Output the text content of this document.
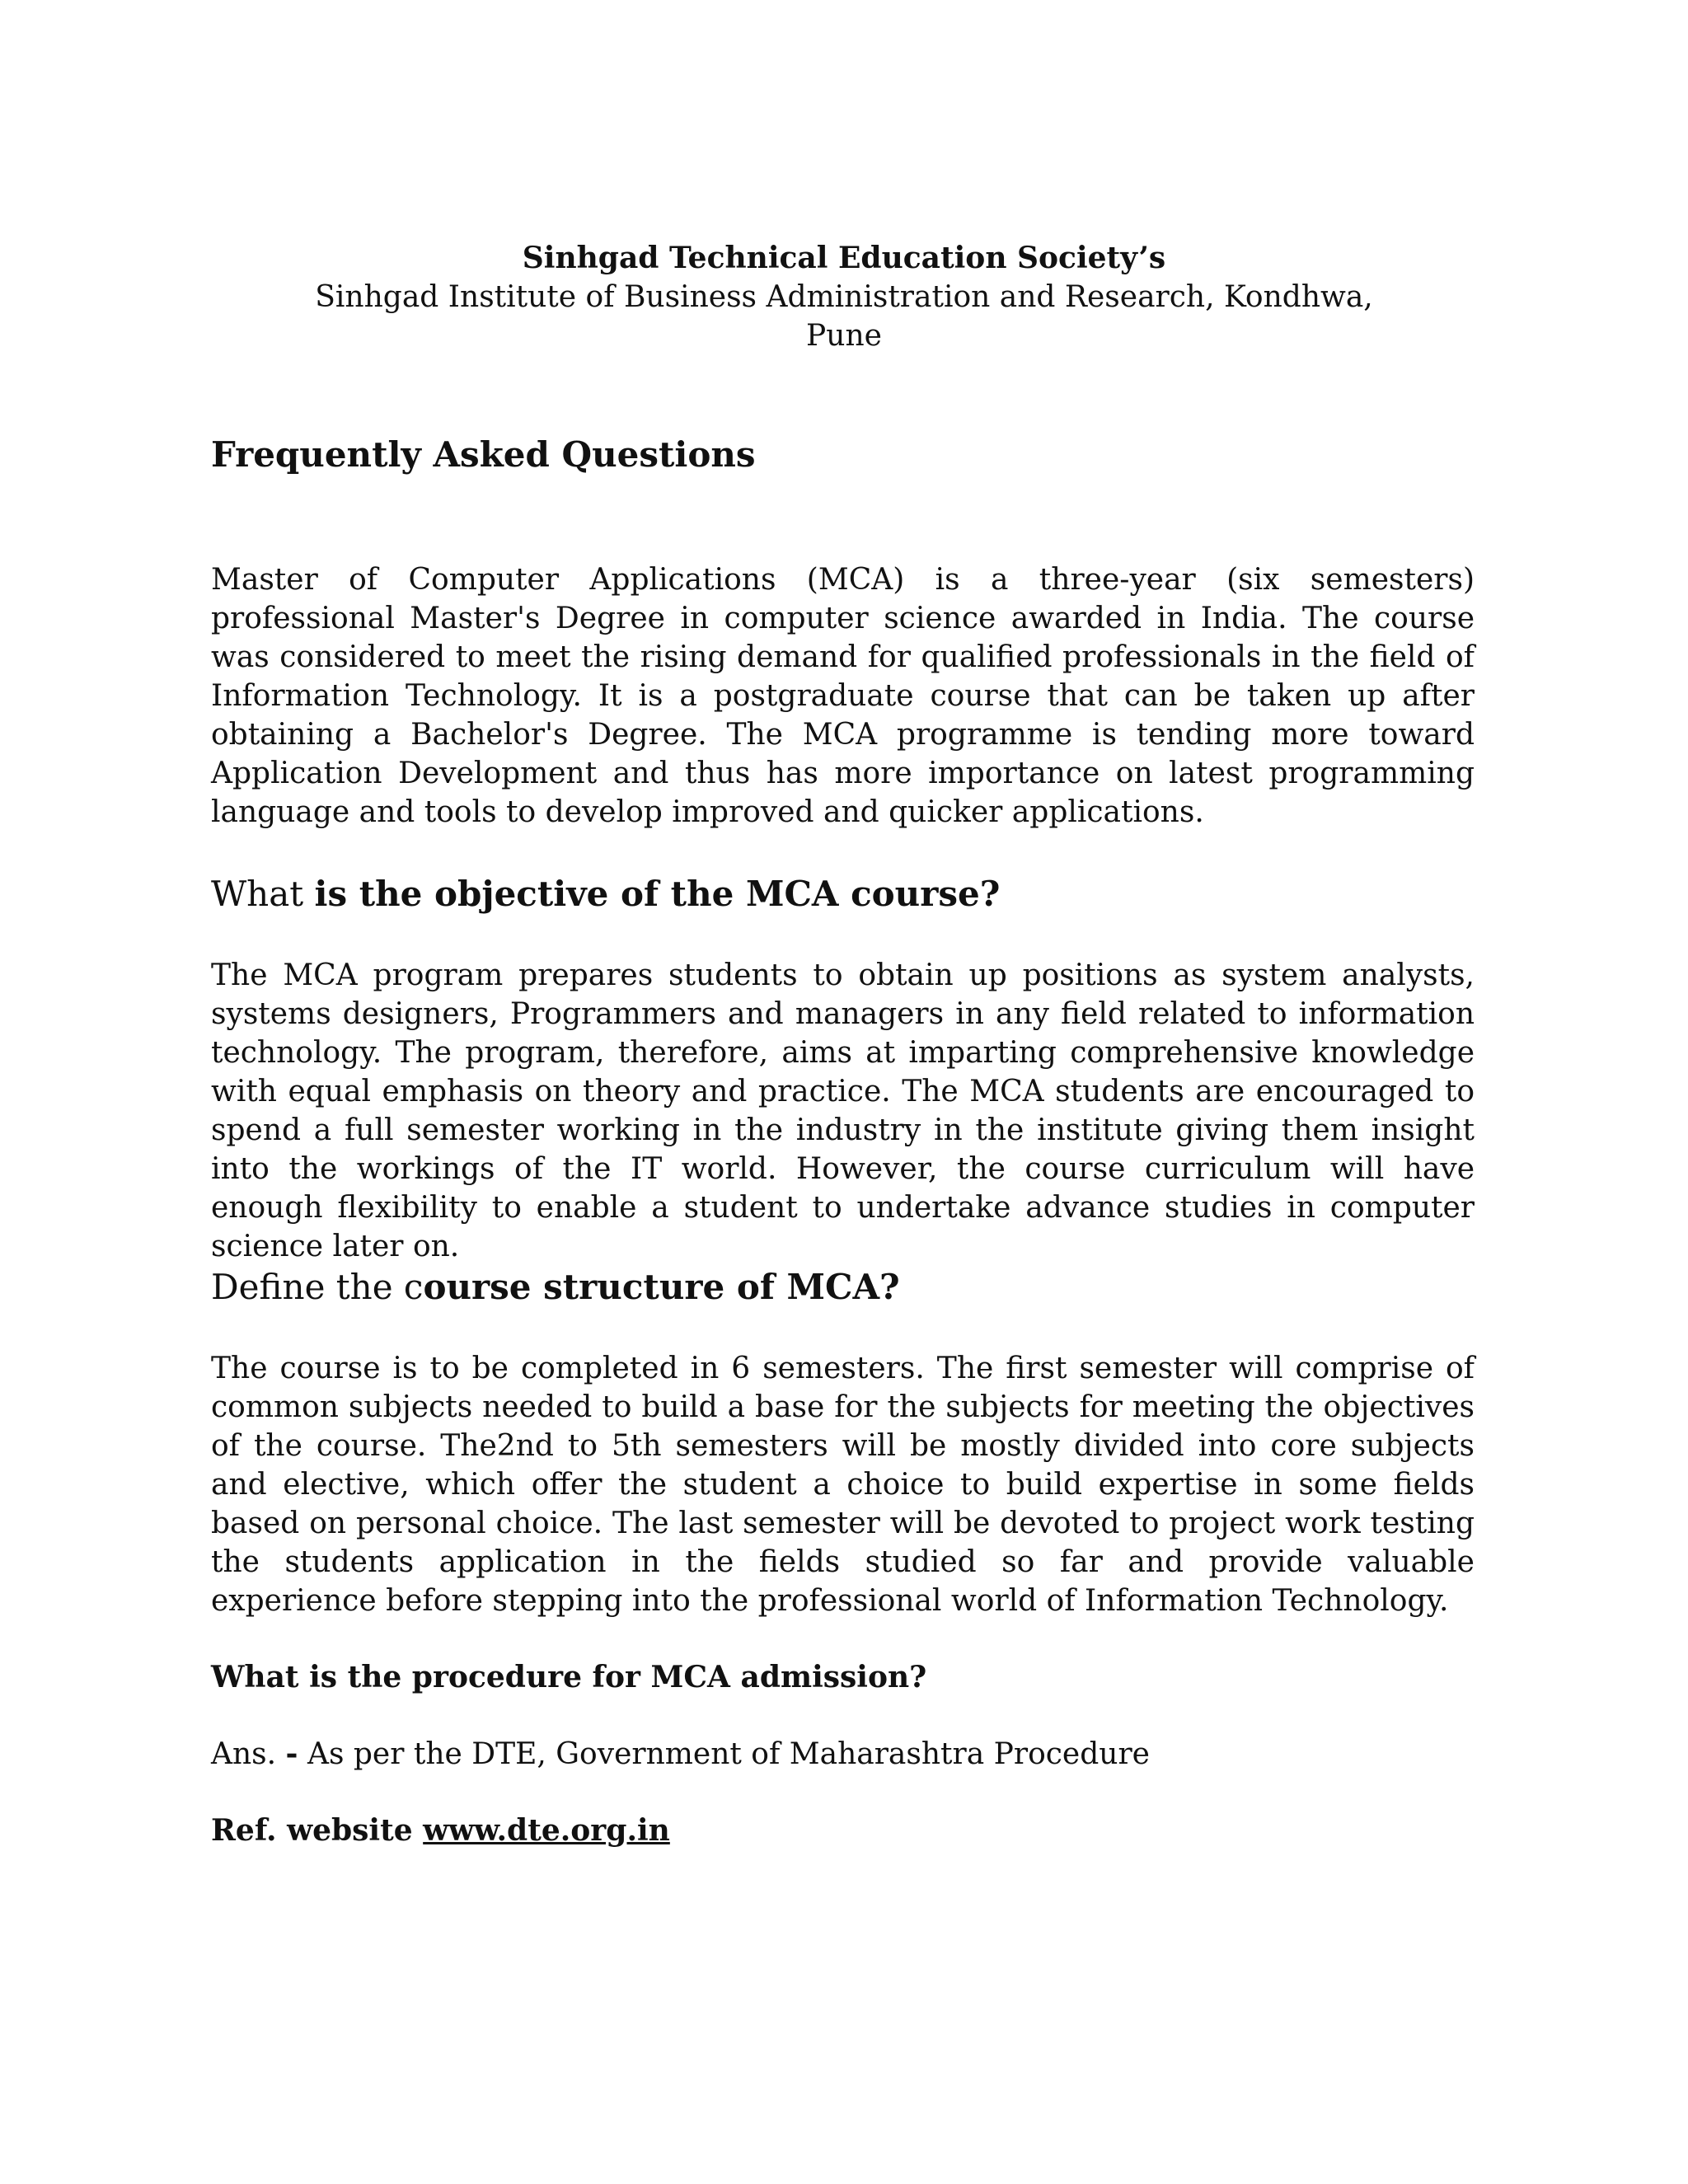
Sinhgad Technical Education Society’s
Sinhgad Institute of Business Administration and Research, Kondhwa,
Pune
Frequently Asked Questions

Master of Computer Applications (MCA) is a three-year (six semesters) professional Master's Degree in computer science awarded in India. The course was considered to meet the rising demand for qualified professionals in the field of Information Technology. It is a postgraduate course that can be taken up after obtaining a Bachelor's Degree. The MCA programme is tending more toward Application Development and thus has more importance on latest programming language and tools to develop improved and quicker applications.

What is the objective of the MCA course?

The MCA program prepares students to obtain up positions as system analysts, systems designers, Programmers and managers in any field related to information technology. The program, therefore, aims at imparting comprehensive knowledge with equal emphasis on theory and practice. The MCA students are encouraged to spend a full semester working in the industry in the institute giving them insight into the workings of the IT world. However, the course curriculum will have enough flexibility to enable a student to undertake advance studies in computer science later on.

Define the course structure of MCA?

The course is to be completed in 6 semesters. The first semester will comprise of common subjects needed to build a base for the subjects for meeting the objectives of the course. The2nd to 5th semesters will be mostly divided into core subjects and elective, which offer the student a choice to build expertise in some fields based on personal choice. The last semester will be devoted to project work testing the students application in the fields studied so far and provide valuable experience before stepping into the professional world of Information Technology.

What is the procedure for MCA admission?
Ans. - As per the DTE, Government of Maharashtra Procedure
Ref. website www.dte.org.in
